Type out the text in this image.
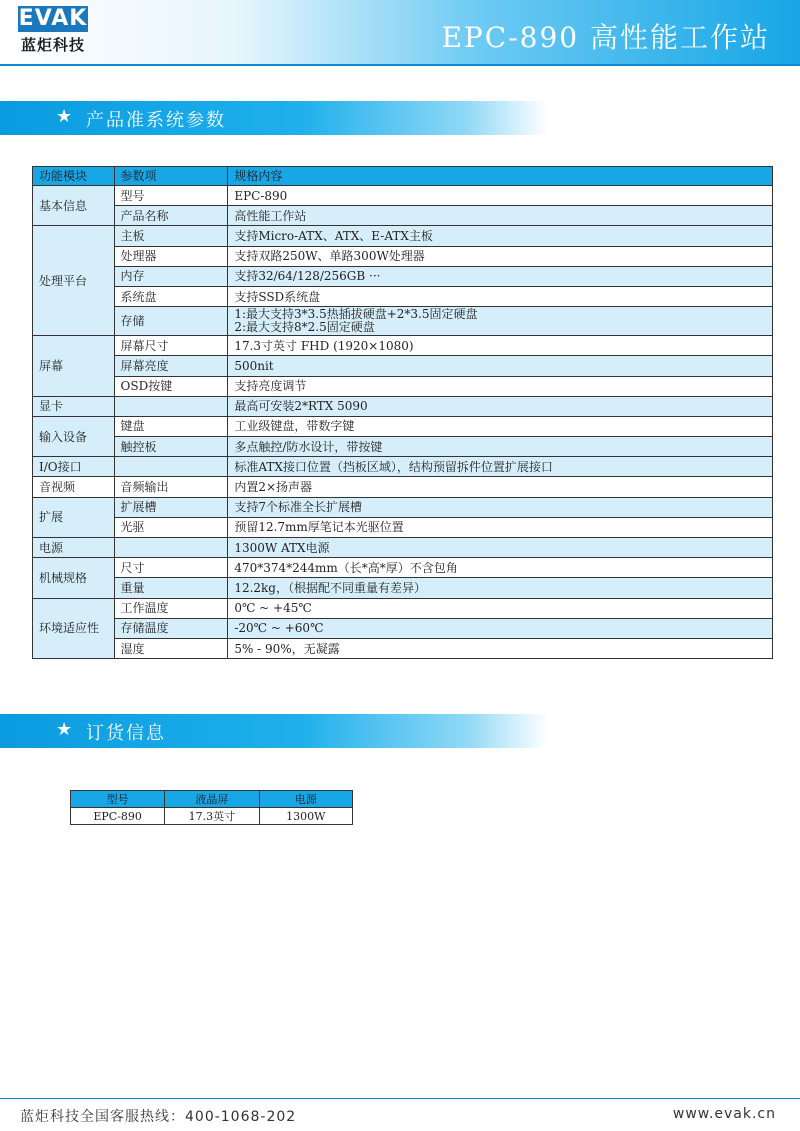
EVAK
蓝炬科技	EPC-890 高性能工作站
★ 产品准系统参数
功能模块	参数项	规格内容
基本信息	型号	EPC-890
	产品名称	高性能工作站
处理平台	主板	支持Micro-ATX、ATX、E-ATX主板
	处理器	支持双路250W、单路300W处理器
	内存	支持32/64/128/256GB ···
	系统盘	支持SSD系统盘
	存储	1:最大支持3*3.5热插拔硬盘+2*3.5固定硬盘
2:最大支持8*2.5固定硬盘

屏幕	屏幕尺寸	17.3寸英寸 FHD (1920×1080)
	屏幕亮度	500nit
	OSD按键	支持亮度调节
显卡		最高可安装2*RTX 5090
输入设备	键盘	工业级键盘，带数字键
	触控板	多点触控/防水设计，带按键
I/O接口		标准ATX接口位置（挡板区域），结构预留拆件位置扩展接口
音视频	音频输出	内置2×扬声器
扩展	扩展槽	支持7个标准全长扩展槽
	光驱	预留12.7mm厚笔记本光驱位置
电源		1300W ATX电源
机械规格	尺寸	470*374*244mm（长*高*厚）不含包角
	重量	12.2kg，（根据配不同重量有差异）
环境适应性	工作温度	0℃ ~ +45℃
	存储温度	-20℃ ~ +60℃
	湿度	5% - 90%，无凝露
★ 订货信息
型号	液晶屏	电源
EPC-890	17.3英寸	1300W
蓝炬科技全国客服热线：400-1068-202	www.evak.cn
